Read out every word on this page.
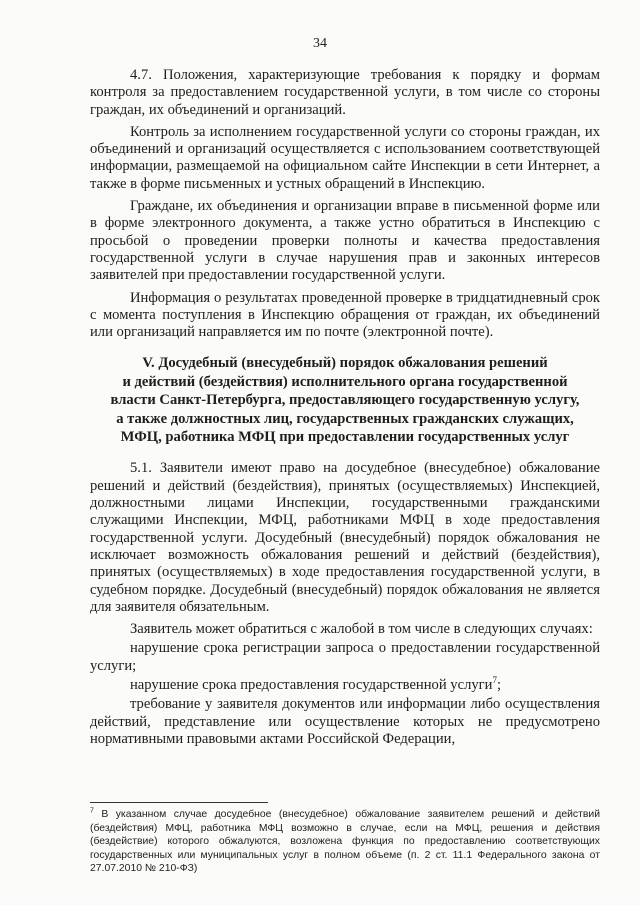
34

4.7. Положения, характеризующие требования к порядку и формам контроля за предоставлением государственной услуги, в том числе со стороны граждан, их объединений и организаций.

Контроль за исполнением государственной услуги со стороны граждан, их объединений и организаций осуществляется с использованием соответствующей информации, размещаемой на официальном сайте Инспекции в сети Интернет, а также в форме письменных и устных обращений в Инспекцию.

Граждане, их объединения и организации вправе в письменной форме или в форме электронного документа, а также устно обратиться в Инспекцию с просьбой о проведении проверки полноты и качества предоставления государственной услуги в случае нарушения прав и законных интересов заявителей при предоставлении государственной услуги.

Информация о результатах проведенной проверке в тридцатидневный срок с момента поступления в Инспекцию обращения от граждан, их объединений или организаций направляется им по почте (электронной почте).

V. Досудебный (внесудебный) порядок обжалования решений
и действий (бездействия) исполнительного органа государственной
власти Санкт-Петербурга, предоставляющего государственную услугу,
а также должностных лиц, государственных гражданских служащих,
МФЦ, работника МФЦ при предоставлении государственных услуг

5.1. Заявители имеют право на досудебное (внесудебное) обжалование решений и действий (бездействия), принятых (осуществляемых) Инспекцией, должностными лицами Инспекции, государственными гражданскими служащими Инспекции, МФЦ, работниками МФЦ в ходе предоставления государственной услуги. Досудебный (внесудебный) порядок обжалования не исключает возможность обжалования решений и действий (бездействия), принятых (осуществляемых) в ходе предоставления государственной услуги, в судебном порядке. Досудебный (внесудебный) порядок обжалования не является для заявителя обязательным.

Заявитель может обратиться с жалобой в том числе в следующих случаях:

нарушение срока регистрации запроса о предоставлении государственной услуги;

нарушение срока предоставления государственной услуги$^7$;

требование у заявителя документов или информации либо осуществления действий, представление или осуществление которых не предусмотрено нормативными правовыми актами Российской Федерации,

$^7$ В указанном случае досудебное (внесудебное) обжалование заявителем решений и действий (бездействия) МФЦ, работника МФЦ возможно в случае, если на МФЦ, решения и действия (бездействие) которого обжалуются, возложена функция по предоставлению соответствующих государственных или муниципальных услуг в полном объеме (п. 2 ст. 11.1 Федерального закона от 27.07.2010 № 210-ФЗ)
